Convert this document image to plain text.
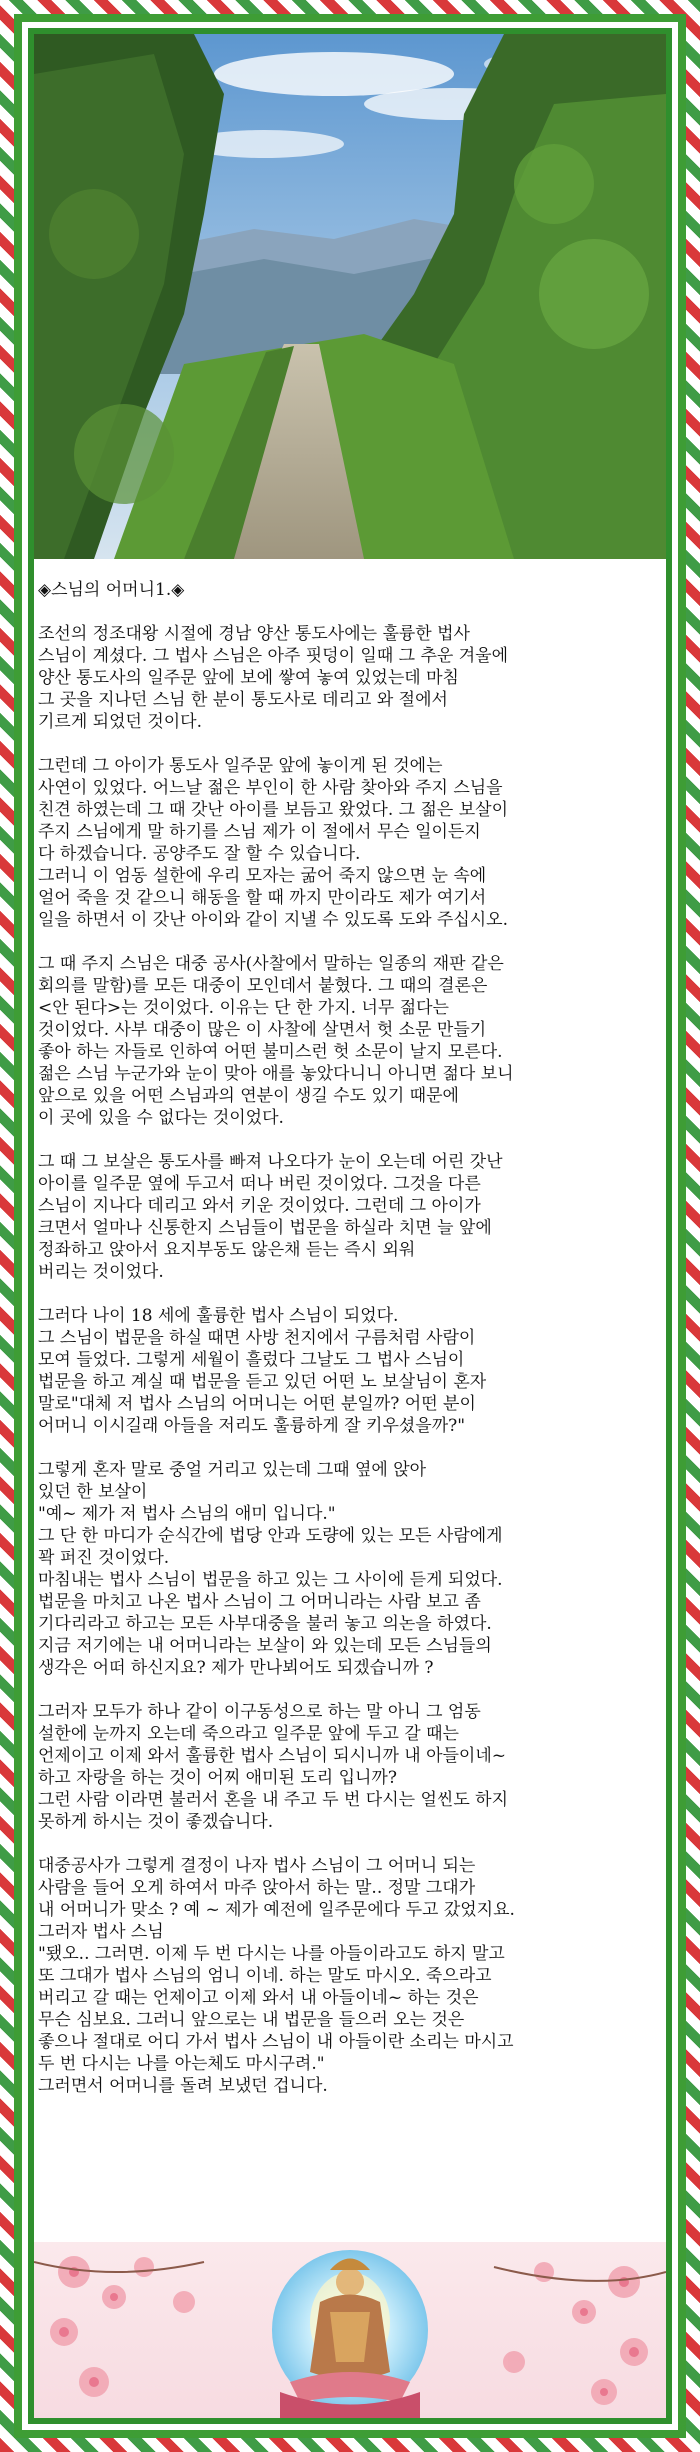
◈스님의 어머니1.◈
조선의 정조대왕 시절에 경남 양산 통도사에는 훌륭한 법사
스님이 계셨다. 그 법사 스님은 아주 핏덩이 일때 그 추운 겨울에
양산 통도사의 일주문 앞에 보에 쌓여 놓여 있었는데 마침
그 곳을 지나던 스님 한 분이 통도사로 데리고 와 절에서
기르게 되었던 것이다.
그런데 그 아이가 통도사 일주문 앞에 놓이게 된 것에는
사연이 있었다. 어느날 젊은 부인이 한 사람 찾아와 주지 스님을
친견 하였는데 그 때 갓난 아이를 보듬고 왔었다. 그 젊은 보살이
주지 스님에게 말 하기를 스님 제가 이 절에서 무슨 일이든지
다 하겠습니다. 공양주도 잘 할 수 있습니다.
그러니 이 엄동 설한에 우리 모자는 굶어 죽지 않으면 눈 속에
얼어 죽을 것 같으니 해동을 할 때 까지 만이라도 제가 여기서
일을 하면서 이 갓난 아이와 같이 지낼 수 있도록 도와 주십시오.
그 때 주지 스님은 대중 공사(사찰에서 말하는 일종의 재판 같은
회의를 말함)를 모든 대중이 모인데서 붙혔다. 그 때의 결론은
<안 된다>는 것이었다. 이유는 단 한 가지. 너무 젊다는
것이었다. 사부 대중이 많은 이 사찰에 살면서 헛 소문 만들기
좋아 하는 자들로 인하여 어떤 불미스런 헛 소문이 날지 모른다.
젊은 스님 누군가와 눈이 맞아 애를 놓았다니니 아니면 젊다 보니
앞으로 있을 어떤 스님과의 연분이 생길 수도 있기 때문에
이 곳에 있을 수 없다는 것이었다.
그 때 그 보살은 통도사를 빠져 나오다가 눈이 오는데 어린 갓난
아이를 일주문 옆에 두고서 떠나 버린 것이었다. 그것을 다른
스님이 지나다 데리고 와서 키운 것이었다. 그런데 그 아이가
크면서 얼마나 신통한지 스님들이 법문을 하실라 치면 늘 앞에
정좌하고 앉아서 요지부동도 않은채 듣는 즉시 외워
버리는 것이었다.
그러다 나이 18 세에 훌륭한 법사 스님이 되었다.
그 스님이 법문을 하실 때면 사방 천지에서 구름처럼 사람이
모여 들었다. 그렇게 세월이 흘렀다 그날도 그 법사 스님이
법문을 하고 계실 때 법문을 듣고 있던 어떤 노 보살님이 혼자
말로"대체 저 법사 스님의 어머니는 어떤 분일까? 어떤 분이
어머니 이시길래 아들을 저리도 훌륭하게 잘 키우셨을까?"
그렇게 혼자 말로 중얼 거리고 있는데 그때 옆에 앉아
있던 한 보살이
"예~ 제가 저 법사 스님의 애미 입니다."
그 단 한 마디가 순식간에 법당 안과 도량에 있는 모든 사람에게
꽉 퍼진 것이었다.
마침내는 법사 스님이 법문을 하고 있는 그 사이에 듣게 되었다.
법문을 마치고 나온 법사 스님이 그 어머니라는 사람 보고 좀
기다리라고 하고는 모든 사부대중을 불러 놓고 의논을 하였다.
지금 저기에는 내 어머니라는 보살이 와 있는데 모든 스님들의
생각은 어떠 하신지요? 제가 만나뵈어도 되겠습니까 ?
그러자 모두가 하나 같이 이구동성으로 하는 말 아니 그 엄동
설한에 눈까지 오는데 죽으라고 일주문 앞에 두고 갈 때는
언제이고 이제 와서 훌륭한 법사 스님이 되시니까 내 아들이네~
하고 자랑을 하는 것이 어찌 애미된 도리 입니까?
그런 사람 이라면 불러서 혼을 내 주고 두 번 다시는 얼씬도 하지
못하게 하시는 것이 좋겠습니다.
대중공사가 그렇게 결정이 나자 법사 스님이 그 어머니 되는
사람을 들어 오게 하여서 마주 앉아서 하는 말.. 정말 그대가
내 어머니가 맞소 ? 예 ~ 제가 예전에 일주문에다 두고 갔었지요.
그러자 법사 스님
"됐오.. 그러면. 이제 두 번 다시는 나를 아들이라고도 하지 말고
또 그대가 법사 스님의 엄니 이네. 하는 말도 마시오. 죽으라고
버리고 갈 때는 언제이고 이제 와서 내 아들이네~ 하는 것은
무슨 심보요. 그러니 앞으로는 내 법문을 들으러 오는 것은
좋으나 절대로 어디 가서 법사 스님이 내 아들이란 소리는 마시고
두 번 다시는 나를 아는체도 마시구려."
그러면서 어머니를 돌려 보냈던 겁니다.
